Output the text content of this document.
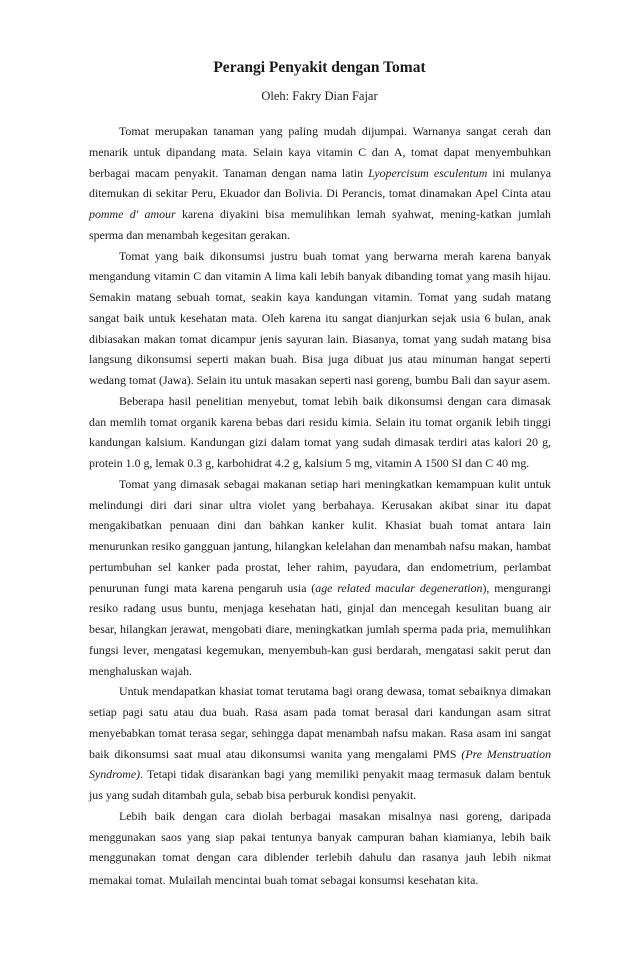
Perangi Penyakit dengan Tomat

Oleh: Fakry Dian Fajar

Tomat merupakan tanaman yang paling mudah dijumpai. Warnanya sangat cerah dan menarik untuk dipandang mata. Selain kaya vitamin C dan A, tomat dapat menyembuhkan berbagai macam penyakit. Tanaman dengan nama latin Lyopercisum esculentum ini mulanya ditemukan di sekitar Peru, Ekuador dan Bolivia. Di Perancis, tomat dinamakan Apel Cinta atau pomme d' amour karena diyakini bisa memulihkan lemah syahwat, mening-katkan jumlah sperma dan menambah kegesitan gerakan.

Tomat yang baik dikonsumsi justru buah tomat yang berwarna merah karena banyak mengandung vitamin C dan vitamin A lima kali lebih banyak dibanding tomat yang masih hijau. Semakin matang sebuah tomat, seakin kaya kandungan vitamin. Tomat yang sudah matang sangat baik untuk kesehatan mata. Oleh karena itu sangat dianjurkan sejak usia 6 bulan, anak dibiasakan makan tomat dicampur jenis sayuran lain. Biasanya, tomat yang sudah matang bisa langsung dikonsumsi seperti makan buah. Bisa juga dibuat jus atau minuman hangat seperti wedang tomat (Jawa). Selain itu untuk masakan seperti nasi goreng, bumbu Bali dan sayur asem.

Beberapa hasil penelitian menyebut, tomat lebih baik dikonsumsi dengan cara dimasak dan memlih tomat organik karena bebas dari residu kimia. Selain itu tomat organik lebih tinggi kandungan kalsium. Kandungan gizi dalam tomat yang sudah dimasak terdiri atas kalori 20 g, protein 1.0 g, lemak 0.3 g, karbohidrat 4.2 g, kalsium 5 mg, vitamin A 1500 SI dan C 40 mg.

Tomat yang dimasak sebagai makanan setiap hari meningkatkan kemampuan kulit untuk melindungi diri dari sinar ultra violet yang berbahaya. Kerusakan akibat sinar itu dapat mengakibatkan penuaan dini dan bahkan kanker kulit. Khasiat buah tomat antara lain menurunkan resiko gangguan jantung, hilangkan kelelahan dan menambah nafsu makan, hambat pertumbuhan sel kanker pada prostat, leher rahim, payudara, dan endometrium, perlambat penurunan fungi mata karena pengaruh usia (age related macular degeneration), mengurangi resiko radang usus buntu, menjaga kesehatan hati, ginjal dan mencegah kesulitan buang air besar, hilangkan jerawat, mengobati diare, meningkatkan jumlah sperma pada pria, memulihkan fungsi lever, mengatasi kegemukan, menyembuh-kan gusi berdarah, mengatasi sakit perut dan menghaluskan wajah.

Untuk mendapatkan khasiat tomat terutama bagi orang dewasa, tomat sebaiknya dimakan setiap pagi satu atau dua buah. Rasa asam pada tomat berasal dari kandungan asam sitrat menyebabkan tomat terasa segar, sehingga dapat menambah nafsu makan. Rasa asam ini sangat baik dikonsumsi saat mual atau dikonsumsi wanita yang mengalami PMS (Pre Menstruation Syndrome). Tetapi tidak disarankan bagi yang memiliki penyakit maag termasuk dalam bentuk jus yang sudah ditambah gula, sebab bisa perburuk kondisi penyakit.

Lebih baik dengan cara diolah berbagai masakan misalnya nasi goreng, daripada menggunakan saos yang siap pakai tentunya banyak campuran bahan kiamianya, lebih baik menggunakan tomat dengan cara diblender terlebih dahulu dan rasanya jauh lebih nikmat memakai tomat. Mulailah mencintai buah tomat sebagai konsumsi kesehatan kita.
